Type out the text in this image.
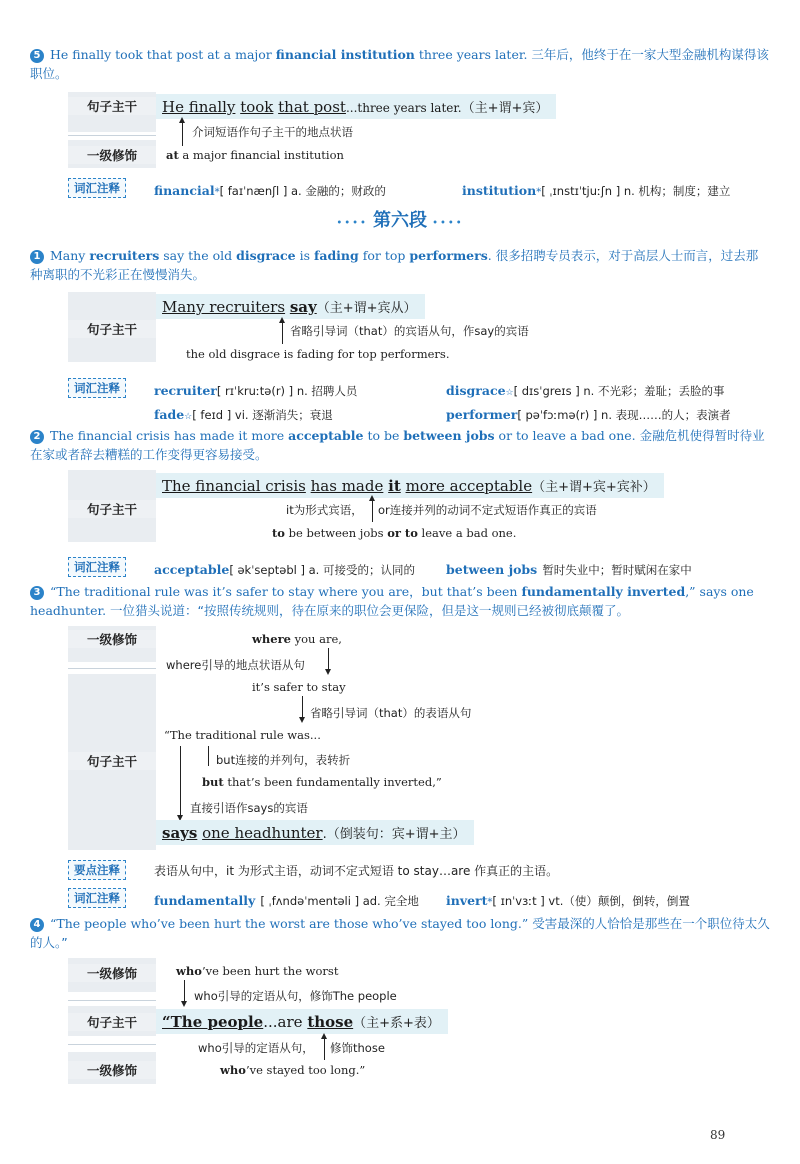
5 He finally took that post at a major financial institution three years later. 三年后，他终于在一家大型金融机构谋得该职位。
句子主干
一级修饰
He finally took that post...three years later.（主+谓+宾）
介词短语作句子主干的地点状语
at a major financial institution
词汇注释	financial*[ faɪˈnænʃl ] a. 金融的；财政的	institution*[ ˌɪnstɪˈtjuːʃn ] n. 机构；制度；建立
•••• 第六段 ••••
1 Many recruiters say the old disgrace is fading for top performers. 很多招聘专员表示，对于高层人士而言，过去那种离职的不光彩正在慢慢消失。
句子主干
Many recruiters say（主+谓+宾从）
省略引导词（that）的宾语从句，作say的宾语
the old disgrace is fading for top performers.
词汇注释	recruiter[ rɪˈkruːtə(r) ] n. 招聘人员	disgrace☆[ dɪsˈgreɪs ] n. 不光彩；羞耻；丢脸的事
fade☆[ feɪd ] vi. 逐渐消失；衰退	performer[ pəˈfɔːmə(r) ] n. 表现……的人；表演者
2 The financial crisis has made it more acceptable to be between jobs or to leave a bad one. 金融危机使得暂时待业在家或者辞去糟糕的工作变得更容易接受。
句子主干
The financial crisis has made it more acceptable（主+谓+宾+宾补）
it为形式宾语， or连接并列的动词不定式短语作真正的宾语
to be between jobs or to leave a bad one.
词汇注释	acceptable[ əkˈseptəbl ] a. 可接受的；认同的 between jobs 暂时失业中；暂时赋闲在家中
3 “The traditional rule was it’s safer to stay where you are，but that’s been fundamentally inverted,” says one headhunter. 一位猎头说道：“按照传统规则，待在原来的职位会更保险，但是这一规则已经被彻底颠覆了。
一级修饰
句子主干
where you are,
where引导的地点状语从句
it’s safer to stay
省略引导词（that）的表语从句
“The traditional rule was...
but连接的并列句，表转折
but that’s been fundamentally inverted,”
直接引语作says的宾语
says one headhunter.（倒装句：宾+谓+主）
要点注释	表语从句中，it 为形式主语，动词不定式短语 to stay…are 作真正的主语。
词汇注释	fundamentally [ ˌfʌndəˈmentəli ] ad. 完全地 invert*[ ɪnˈvɜːt ] vt.（使）颠倒，倒转，倒置
4 “The people who’ve been hurt the worst are those who’ve stayed too long.” 受害最深的人恰恰是那些在一个职位待太久的人。”
一级修饰
句子主干
一级修饰
who’ve been hurt the worst
who引导的定语从句，修饰The people
“The people...are those（主+系+表）
who引导的定语从句， 修饰those
who’ve stayed too long.”
89
